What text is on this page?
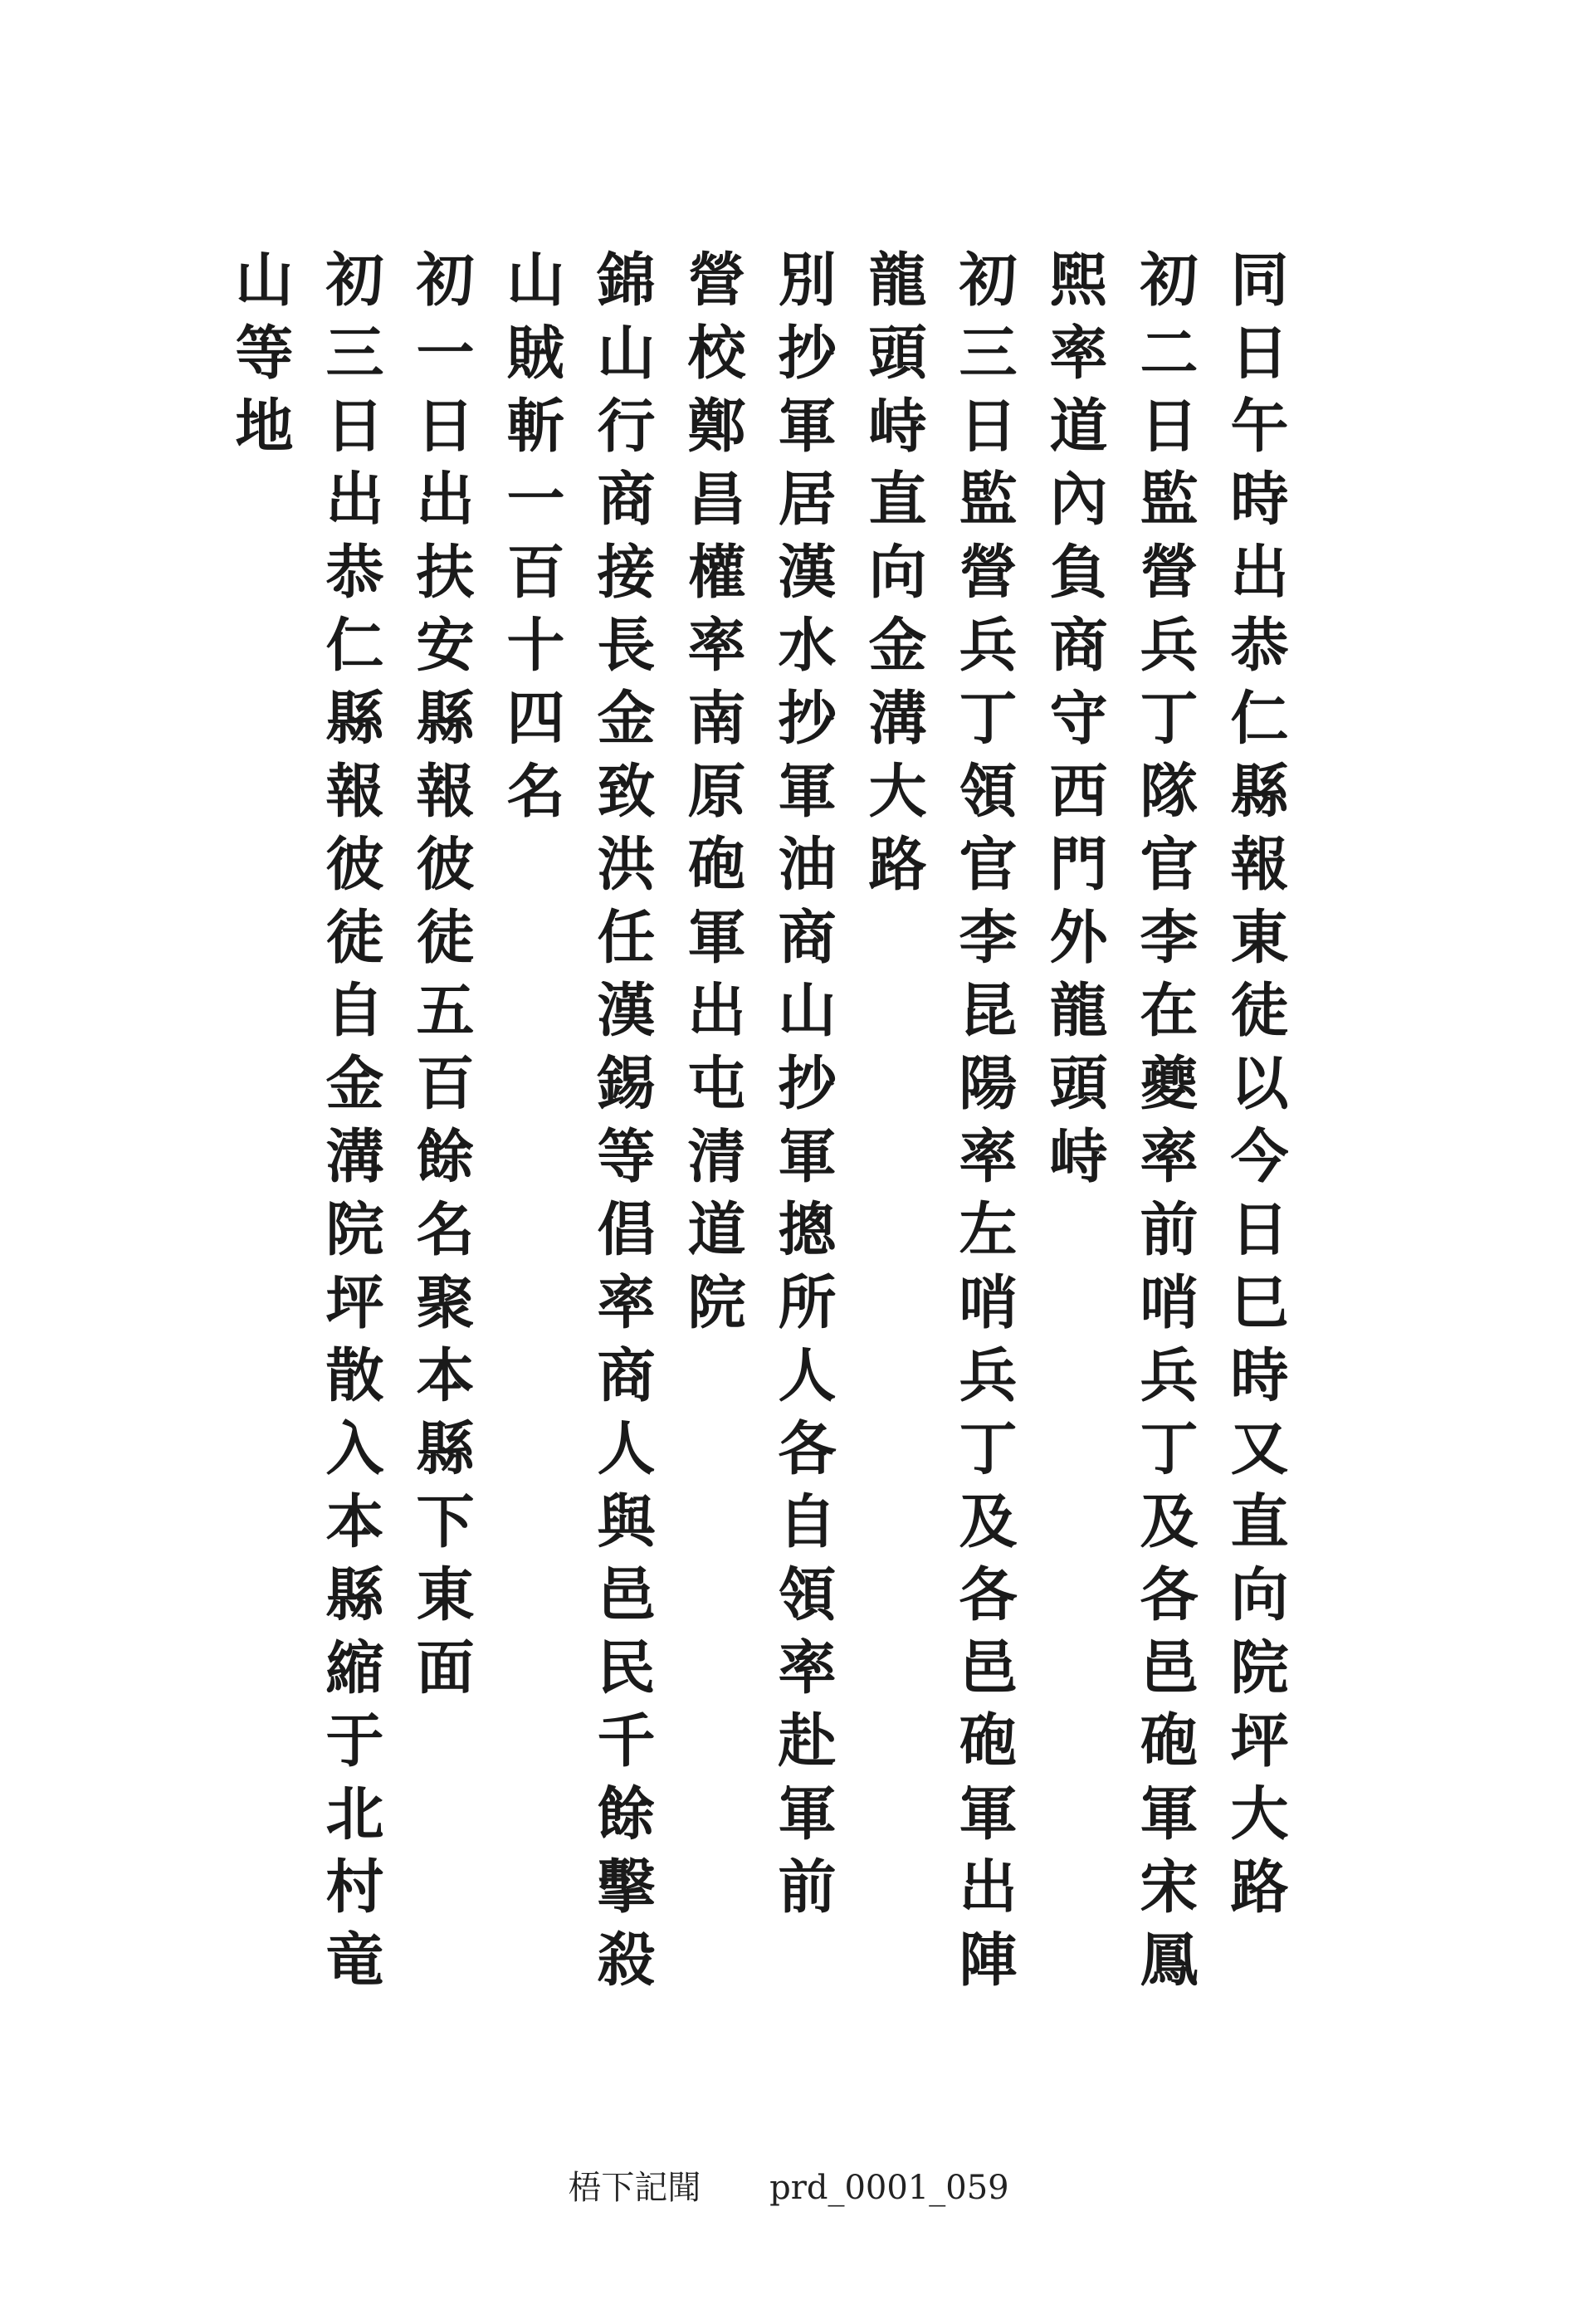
同日午時出恭仁縣報東徒以今日巳時又直向院坪大路
初二日監營兵丁隊官李在夔率前哨兵丁及各邑砲軍宋鳳
煕率道內負商守西門外龍頭峙
初三日監營兵丁領官李昆陽率左哨兵丁及各邑砲軍出陣
龍頭峙直向金溝大路
別抄軍居漢水抄軍油商山抄軍摠所人各自領率赴軍前
營校鄭昌權率南原砲軍出屯清道院
錦山行商接長金致洪任漢錫等倡率商人與邑民千餘擊殺
山賊斬一百十四名
初一日出扶安縣報彼徒五百餘名聚本縣下東面
初三日出恭仁縣報彼徒自金溝院坪散入本縣縮于北村竜
山等地
梧下記聞 prd_0001_059
